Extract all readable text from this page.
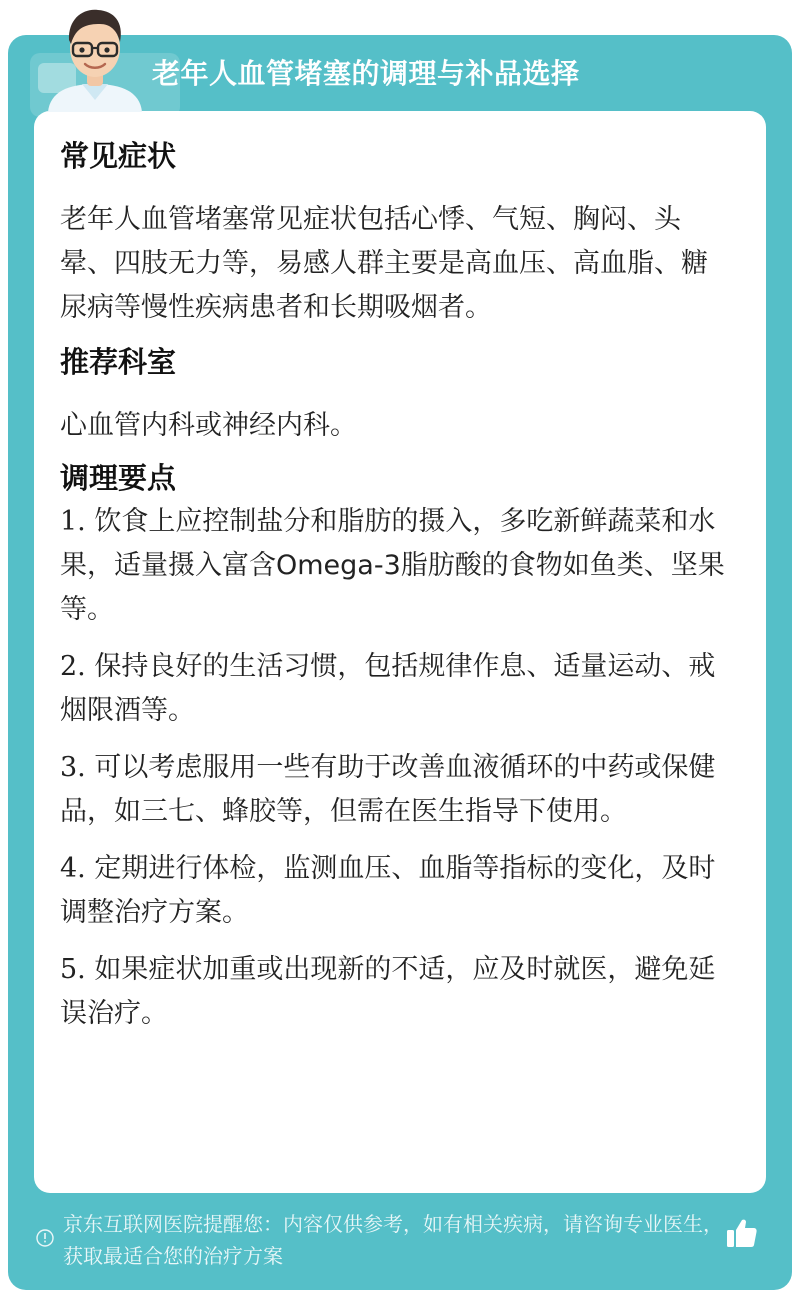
京东互联网医院提醒您：内容仅供参考，如有相关疾病，请咨询专业医生，获取最适合您的治疗方案
老年人血管堵塞的调理与补品选择
常见症状

老年人血管堵塞常见症状包括心悸、气短、胸闷、头晕、四肢无力等，易感人群主要是高血压、高血脂、糖尿病等慢性疾病患者和长期吸烟者。

推荐科室

心血管内科或神经内科。

调理要点

1. 饮食上应控制盐分和脂肪的摄入，多吃新鲜蔬菜和水果，适量摄入富含Omega-3脂肪酸的食物如鱼类、坚果等。

2. 保持良好的生活习惯，包括规律作息、适量运动、戒烟限酒等。

3. 可以考虑服用一些有助于改善血液循环的中药或保健品，如三七、蜂胶等，但需在医生指导下使用。

4. 定期进行体检，监测血压、血脂等指标的变化，及时调整治疗方案。

5. 如果症状加重或出现新的不适，应及时就医，避免延误治疗。
